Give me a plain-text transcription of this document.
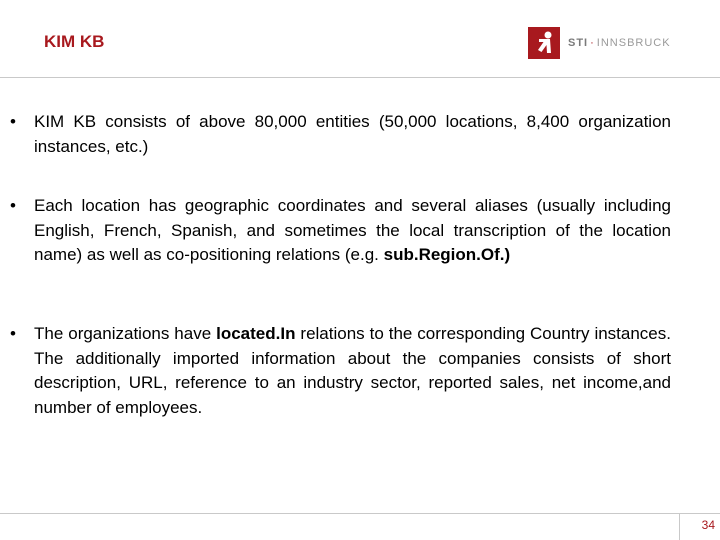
KIM KB	STI · INNSBRUCK
• KIM KB consists of above 80,000 entities (50,000 locations, 8,400 organization instances, etc.)
• Each location has geographic coordinates and several aliases (usually including English, French, Spanish, and sometimes the local transcription of the location name) as well as co-positioning relations (e.g. sub.Region.Of.)
• The organizations have located.In relations to the corresponding Country instances. The additionally imported information about the companies consists of short description, URL, reference to an industry sector, reported sales, net income,and number of employees.
34
